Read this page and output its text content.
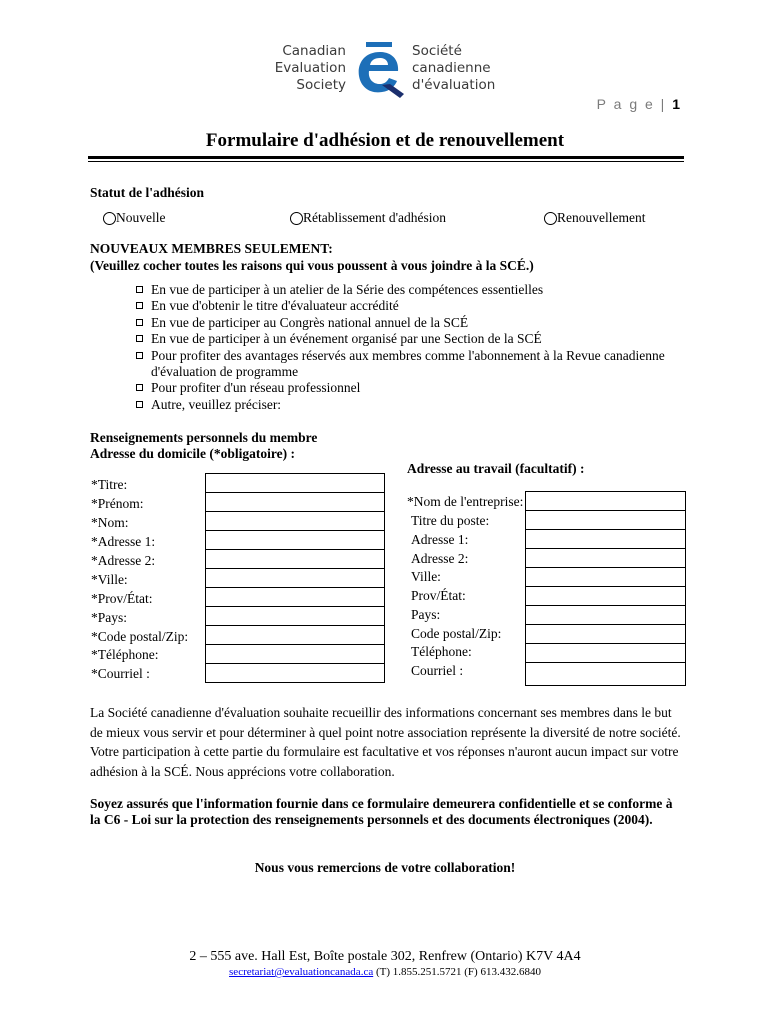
Canadian
Evaluation
Society
Société
canadienne
d'évaluation
P a g e | 1
Formulaire d'adhésion et de renouvellement
Statut de l'adhésion
Nouvelle	Rétablissement d'adhésion	Renouvellement
NOUVEAUX MEMBRES SEULEMENT:
(Veuillez cocher toutes les raisons qui vous poussent à vous joindre à la SCÉ.)
En vue de participer à un atelier de la Série des compétences essentielles
En vue d'obtenir le titre d'évaluateur accrédité
En vue de participer au Congrès national annuel de la SCÉ
En vue de participer à un événement organisé par une Section de la SCÉ
Pour profiter des avantages réservés aux membres comme l'abonnement à la Revue canadienne d'évaluation de programme
Pour profiter d'un réseau professionnel
Autre, veuillez préciser:
Renseignements personnels du membre
Adresse du domicile (*obligatoire) :
Adresse au travail (facultatif) :
*Titre:
*Prénom:
*Nom:
*Adresse 1:
*Adresse 2:
*Ville:
*Prov/État:
*Pays:
*Code postal/Zip:
*Téléphone:
*Courriel :
*Nom de l'entreprise:
Titre du poste:
Adresse 1:
Adresse 2:
Ville:
Prov/État:
Pays:
Code postal/Zip:
Téléphone:
Courriel :
La Société canadienne d'évaluation souhaite recueillir des informations concernant ses membres dans le but de mieux vous servir et pour déterminer à quel point notre association représente la diversité de notre société. Votre participation à cette partie du formulaire est facultative et vos réponses n'auront aucun impact sur votre adhésion à la SCÉ. Nous apprécions votre collaboration.
Soyez assurés que l'information fournie dans ce formulaire demeurera confidentielle et se conforme à la C6 - Loi sur la protection des renseignements personnels et des documents électroniques (2004).
Nous vous remercions de votre collaboration!
2 – 555 ave. Hall Est, Boîte postale 302, Renfrew (Ontario) K7V 4A4
secretariat@evaluationcanada.ca (T) 1.855.251.5721 (F) 613.432.6840
